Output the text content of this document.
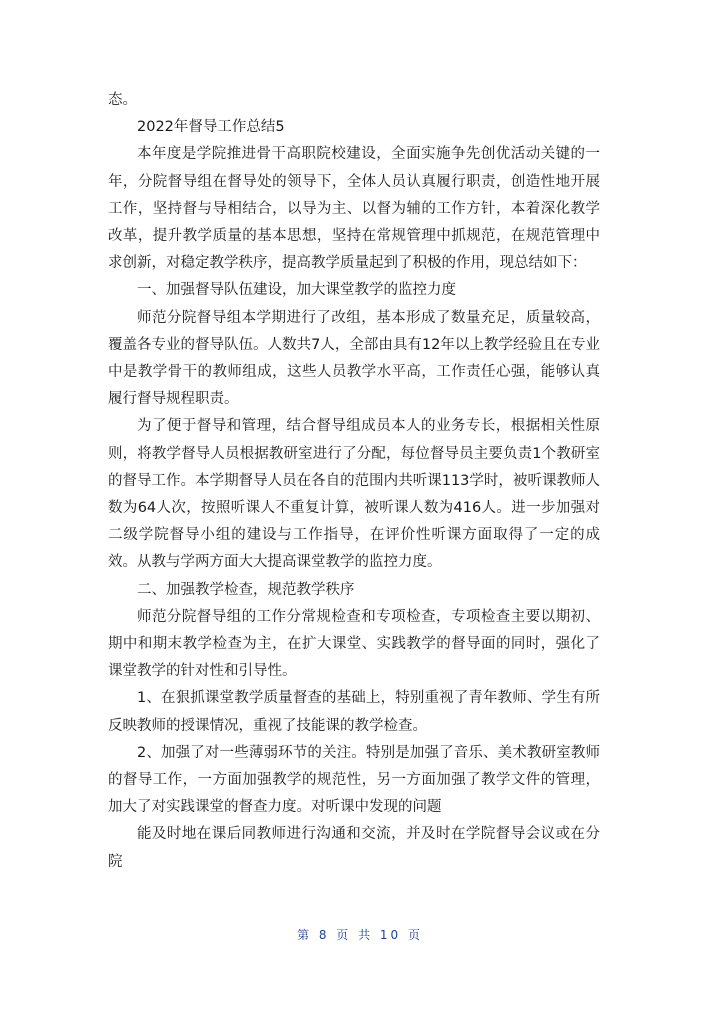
态。

2022年督导工作总结5

本年度是学院推进骨干高职院校建设，全面实施争先创优活动关键的一年，分院督导组在督导处的领导下，全体人员认真履行职责，创造性地开展工作，坚持督与导相结合，以导为主、以督为辅的工作方针，本着深化教学改革，提升教学质量的基本思想，坚持在常规管理中抓规范，在规范管理中求创新，对稳定教学秩序，提高教学质量起到了积极的作用，现总结如下：

一、加强督导队伍建设，加大课堂教学的监控力度

师范分院督导组本学期进行了改组，基本形成了数量充足，质量较高，覆盖各专业的督导队伍。人数共7人，全部由具有12年以上教学经验且在专业中是教学骨干的教师组成，这些人员教学水平高，工作责任心强，能够认真履行督导规程职责。

为了便于督导和管理，结合督导组成员本人的业务专长，根据相关性原则，将教学督导人员根据教研室进行了分配，每位督导员主要负责1个教研室的督导工作。本学期督导人员在各自的范围内共听课113学时，被听课教师人数为64人次，按照听课人不重复计算，被听课人数为416人。进一步加强对二级学院督导小组的建设与工作指导，在评价性听课方面取得了一定的成效。从教与学两方面大大提高课堂教学的监控力度。

二、加强教学检查，规范教学秩序

师范分院督导组的工作分常规检查和专项检查，专项检查主要以期初、期中和期末教学检查为主，在扩大课堂、实践教学的督导面的同时，强化了课堂教学的针对性和引导性。

1、在狠抓课堂教学质量督查的基础上，特别重视了青年教师、学生有所反映教师的授课情况，重视了技能课的教学检查。

2、加强了对一些薄弱环节的关注。特别是加强了音乐、美术教研室教师的督导工作，一方面加强教学的规范性，另一方面加强了教学文件的管理，加大了对实践课堂的督查力度。对听课中发现的问题

能及时地在课后同教师进行沟通和交流，并及时在学院督导会议或在分院

第 8 页 共 10 页
